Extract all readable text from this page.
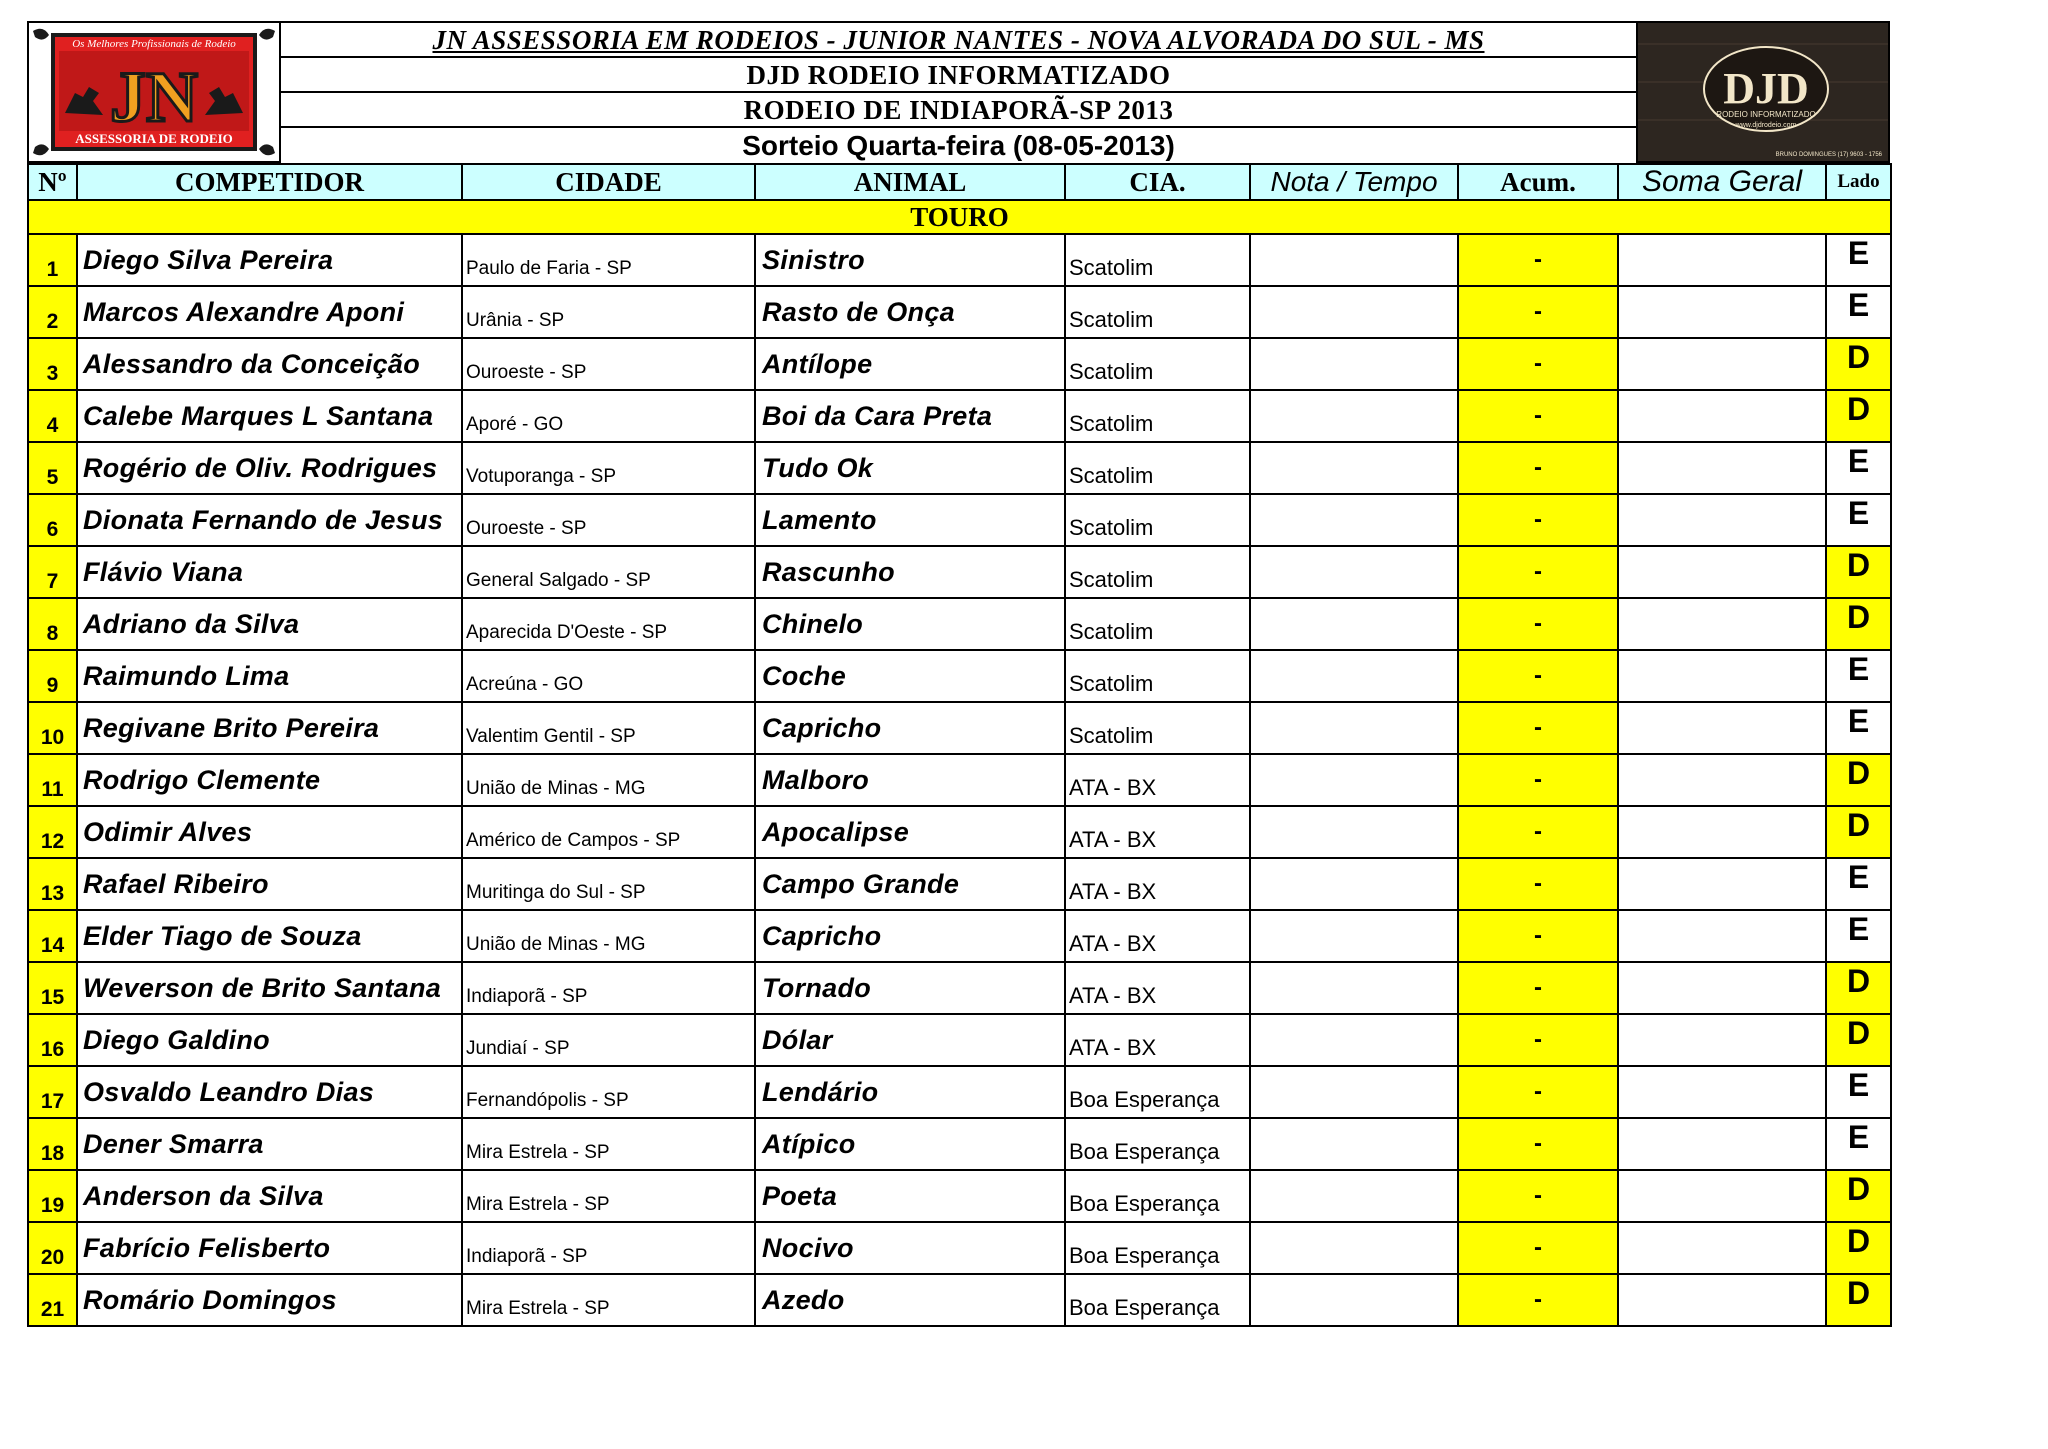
Os Melhores Profissionais de Rodeio
JN
ASSESSORIA DE RODEIO
JN ASSESSORIA EM RODEIOS - JUNIOR NANTES - NOVA ALVORADA DO SUL - MS
DJD RODEIO INFORMATIZADO
RODEIO DE INDIAPORÃ-SP 2013
Sorteio Quarta-feira (08-05-2013)
DJD
RODEIO INFORMATIZADO
www.djdrodeio.com
BRUNO DOMINGUES (17) 9603 - 1756
Nº	COMPETIDOR	CIDADE	ANIMAL	CIA.	Nota / Tempo	Acum.	Soma Geral	Lado
TOURO								
1	Diego Silva Pereira	Paulo de Faria - SP	Sinistro	Scatolim		-		E
2	Marcos Alexandre Aponi	Urânia - SP	Rasto de Onça	Scatolim		-		E
3	Alessandro da Conceição	Ouroeste - SP	Antílope	Scatolim		-		D
4	Calebe Marques L Santana	Aporé - GO	Boi da Cara Preta	Scatolim		-		D
5	Rogério de Oliv. Rodrigues	Votuporanga - SP	Tudo Ok	Scatolim		-		E
6	Dionata Fernando de Jesus	Ouroeste - SP	Lamento	Scatolim		-		E
7	Flávio Viana	General Salgado - SP	Rascunho	Scatolim		-		D
8	Adriano da Silva	Aparecida D'Oeste - SP	Chinelo	Scatolim		-		D
9	Raimundo Lima	Acreúna - GO	Coche	Scatolim		-		E
10	Regivane Brito Pereira	Valentim Gentil - SP	Capricho	Scatolim		-		E
11	Rodrigo Clemente	União de Minas - MG	Malboro	ATA - BX		-		D
12	Odimir Alves	Américo de Campos - SP	Apocalipse	ATA - BX		-		D
13	Rafael Ribeiro	Muritinga do Sul - SP	Campo Grande	ATA - BX		-		E
14	Elder Tiago de Souza	União de Minas - MG	Capricho	ATA - BX		-		E
15	Weverson de Brito Santana	Indiaporã - SP	Tornado	ATA - BX		-		D
16	Diego Galdino	Jundiaí - SP	Dólar	ATA - BX		-		D
17	Osvaldo Leandro Dias	Fernandópolis - SP	Lendário	Boa Esperança		-		E
18	Dener Smarra	Mira Estrela - SP	Atípico	Boa Esperança		-		E
19	Anderson da Silva	Mira Estrela - SP	Poeta	Boa Esperança		-		D
20	Fabrício Felisberto	Indiaporã - SP	Nocivo	Boa Esperança		-		D
21	Romário Domingos	Mira Estrela - SP	Azedo	Boa Esperança		-		D
